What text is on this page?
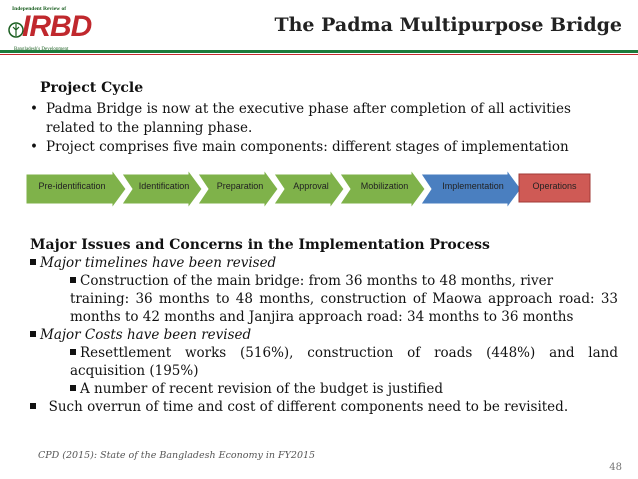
Independent Review of
IRBD	The Padma Multipurpose Bridge
Project Cycle
• Padma Bridge is now at the executive phase after completion of all activities related to the planning phase.
• Project comprises five main components: different stages of implementation
Pre-identification	Identification	Preparation	Approval	Mobilization	Implementation	Operations
Major Issues and Concerns in the Implementation Process
Major timelines have been revised
Construction of the main bridge: from 36 months to 48 months, river
training: 36 months to 48 months, construction of Maowa approach road: 33 months to 42 months and Janjira approach road: 34 months to 36 months
Major Costs have been revised
Resettlement works (516%), construction of roads (448%) and land acquisition (195%)
A number of recent revision of the budget is justified
Such overrun of time and cost of different components need to be revisited.
CPD (2015): State of the Bangladesh Economy in FY2015
48
